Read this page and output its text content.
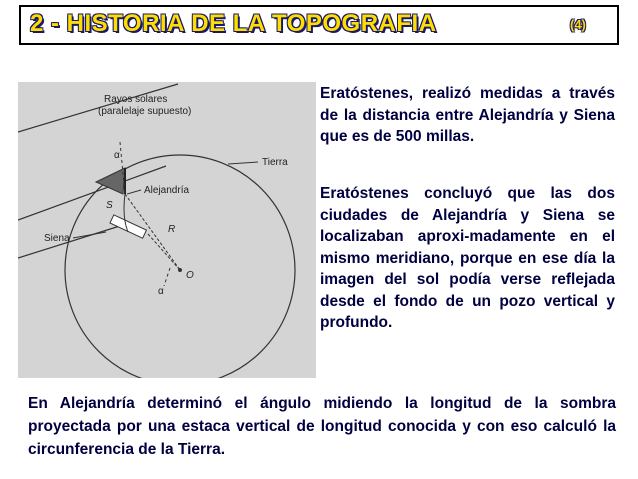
2 - HISTORIA DE LA TOPOGRAFIA	(4)
Rayos solares
(paralelaje supuesto)
Tierra
Alejandría
Siena
S
R
O
α
α
Eratóstenes, realizó medidas a través de la distancia entre Alejandría y Siena que es de 500 millas.
Eratóstenes concluyó que las dos ciudades de Alejandría y Siena se localizaban aproxi-madamente en el mismo meridiano, porque en ese día la imagen del sol podía verse reflejada desde el fondo de un pozo vertical y profundo.
En Alejandría determinó el ángulo midiendo la longitud de la sombra proyectada por una estaca vertical de longitud conocida y con eso calculó la circunferencia de la Tierra.
